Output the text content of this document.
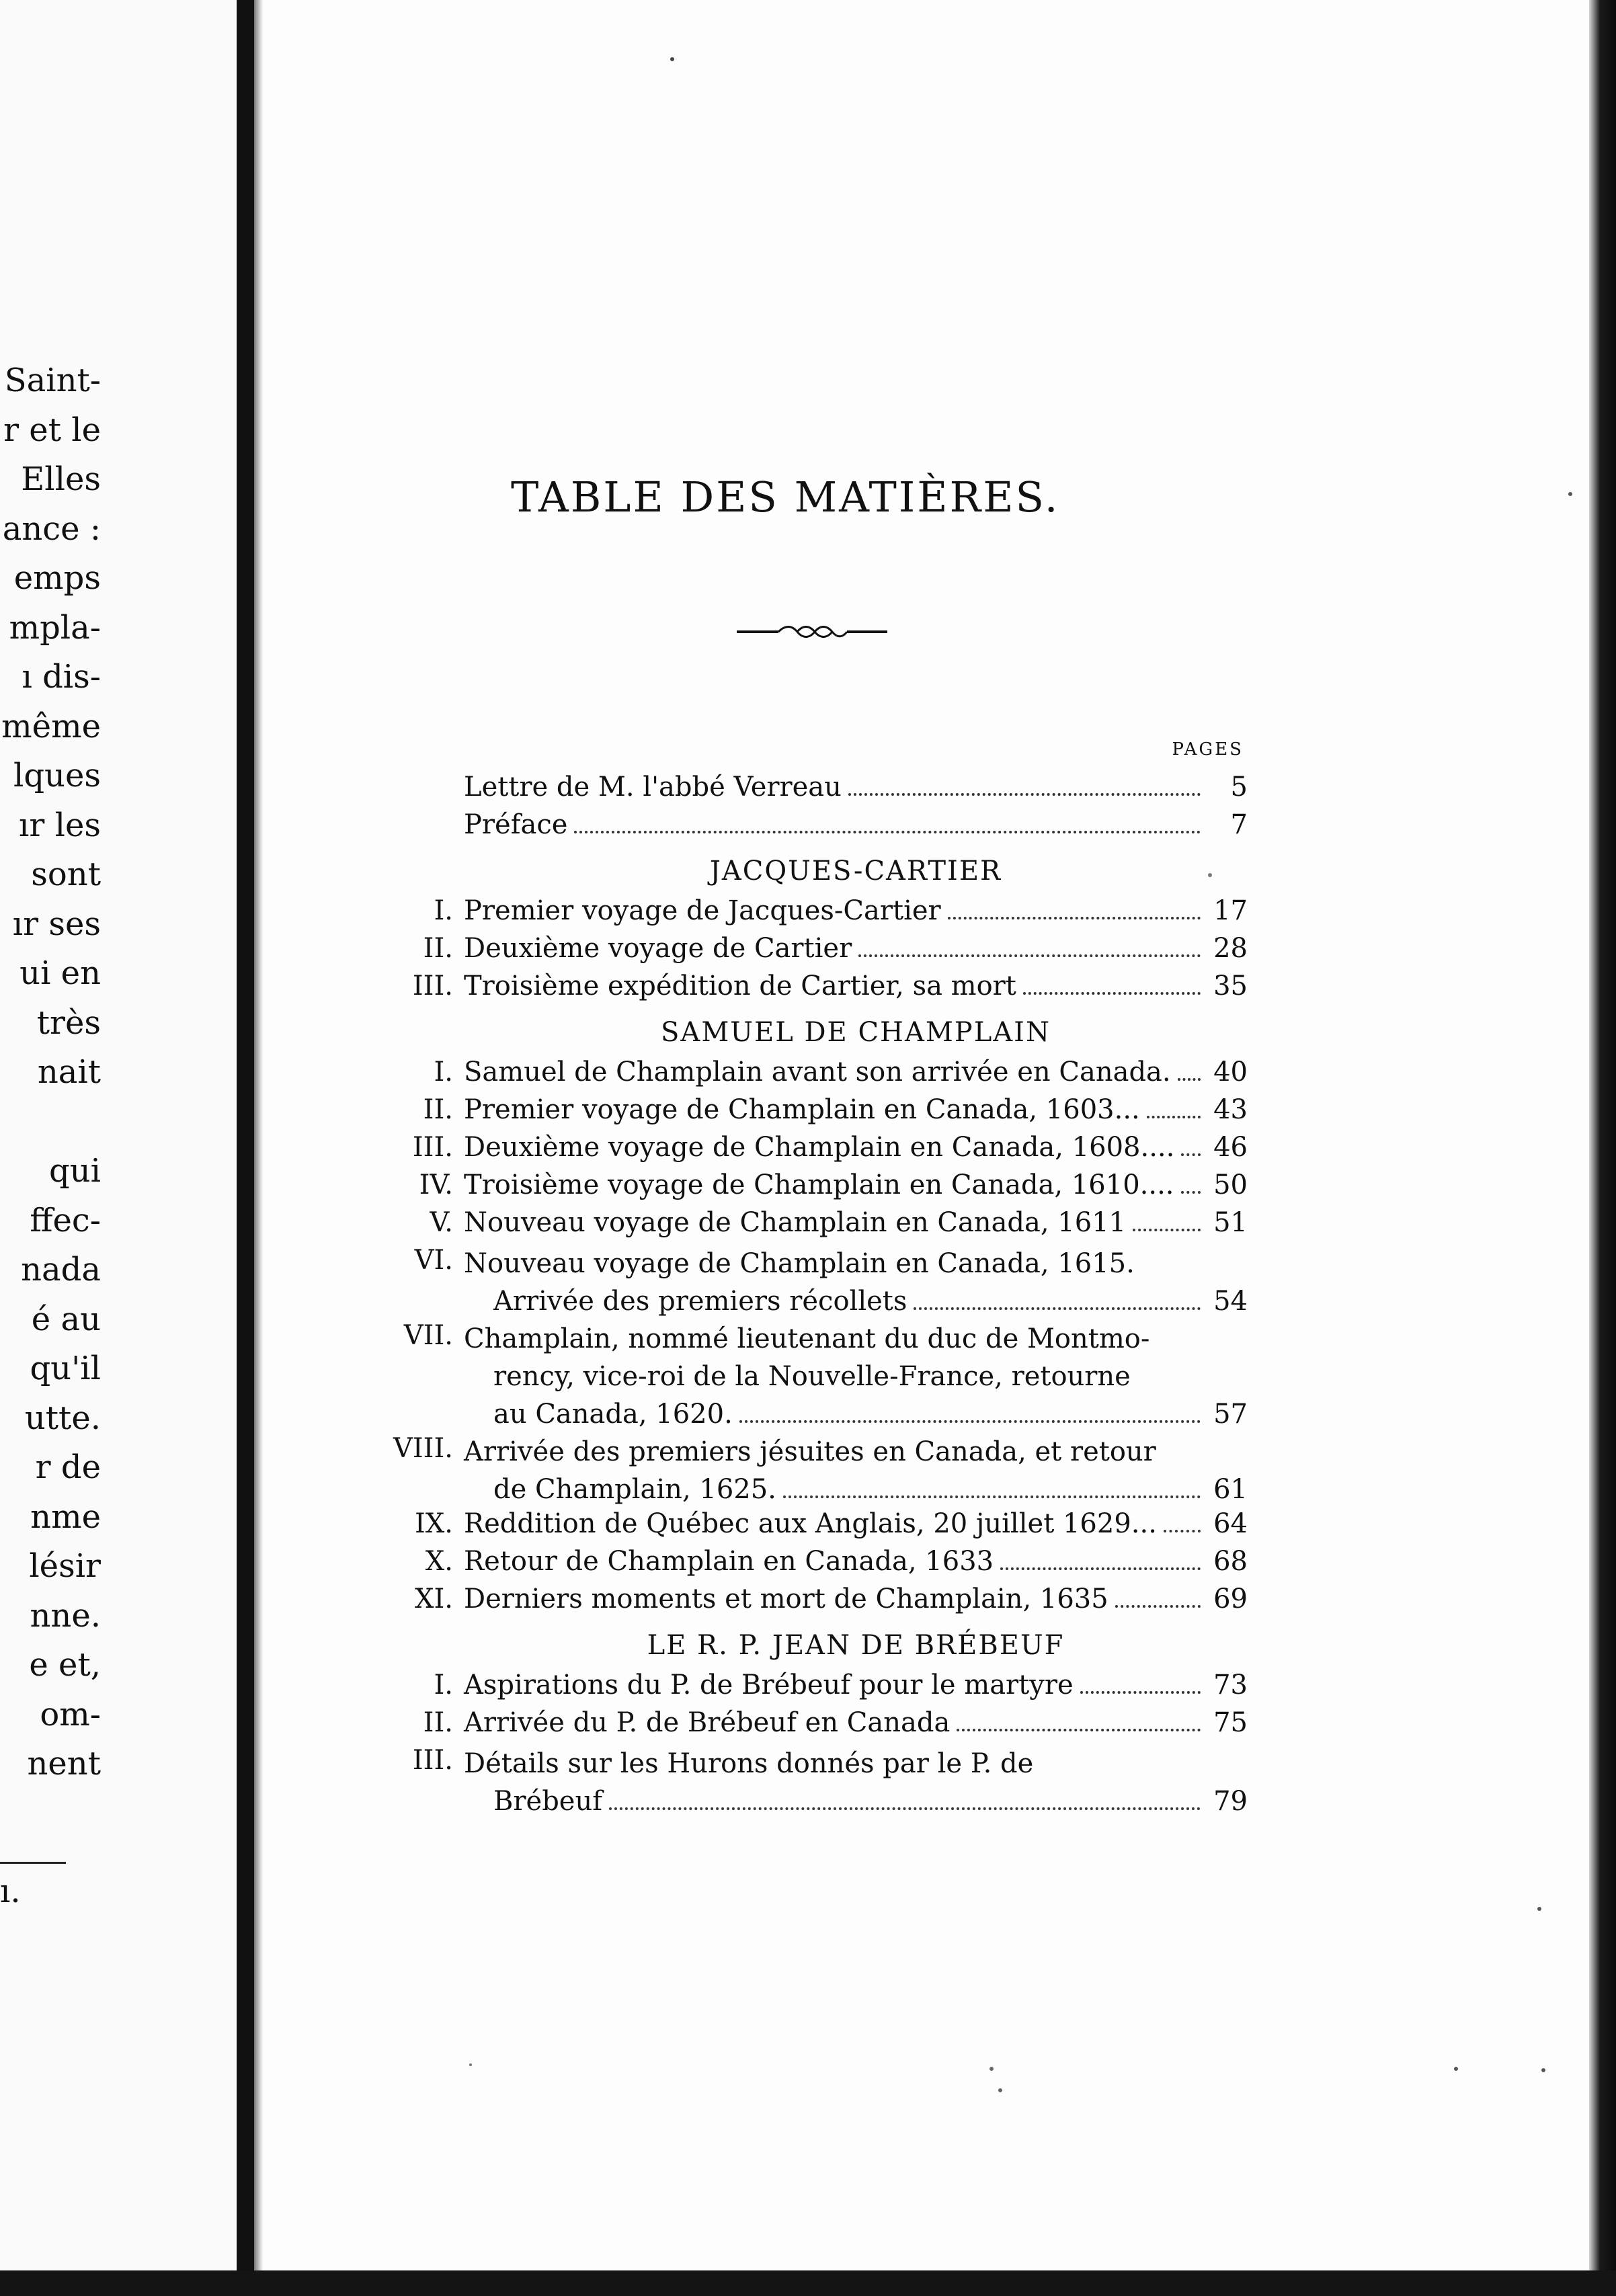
Saint-
r et le
Elles
ance :
emps
mpla-
ı dis-
même
lques
ır les
sont
ır ses
ui en
très
nait
qui
ffec-
nada
é au
qu'il
utte.
r de
nme
lésir
nne.
e et,
om-
nent
ı.
TABLE DES MATIÈRES.
PAGES
Lettre de M. l'abbé Verreau	5
Préface	7
JACQUES-CARTIER
I. Premier voyage de Jacques-Cartier	17
II. Deuxième voyage de Cartier	28
III. Troisième expédition de Cartier, sa mort	35
SAMUEL DE CHAMPLAIN
I. Samuel de Champlain avant son arrivée en Canada. 40
II. Premier voyage de Champlain en Canada, 1603...	43
III. Deuxième voyage de Champlain en Canada, 1608.... 46
IV. Troisième voyage de Champlain en Canada, 1610.... 50
V. Nouveau voyage de Champlain en Canada, 1611	51
VI. Nouveau voyage de Champlain en Canada, 1615.
Arrivée des premiers récollets	54
VII. Champlain, nommé lieutenant du duc de Montmo-
rency, vice-roi de la Nouvelle-France, retourne
au Canada, 1620.	57
VIII. Arrivée des premiers jésuites en Canada, et retour
de Champlain, 1625.	61
IX. Reddition de Québec aux Anglais, 20 juillet 1629... 64
X. Retour de Champlain en Canada, 1633	68
XI. Derniers moments et mort de Champlain, 1635	69
LE R. P. JEAN DE BRÉBEUF
I. Aspirations du P. de Brébeuf pour le martyre	73
II. Arrivée du P. de Brébeuf en Canada	75
III. Détails sur les Hurons donnés par le P. de
Brébeuf	79
